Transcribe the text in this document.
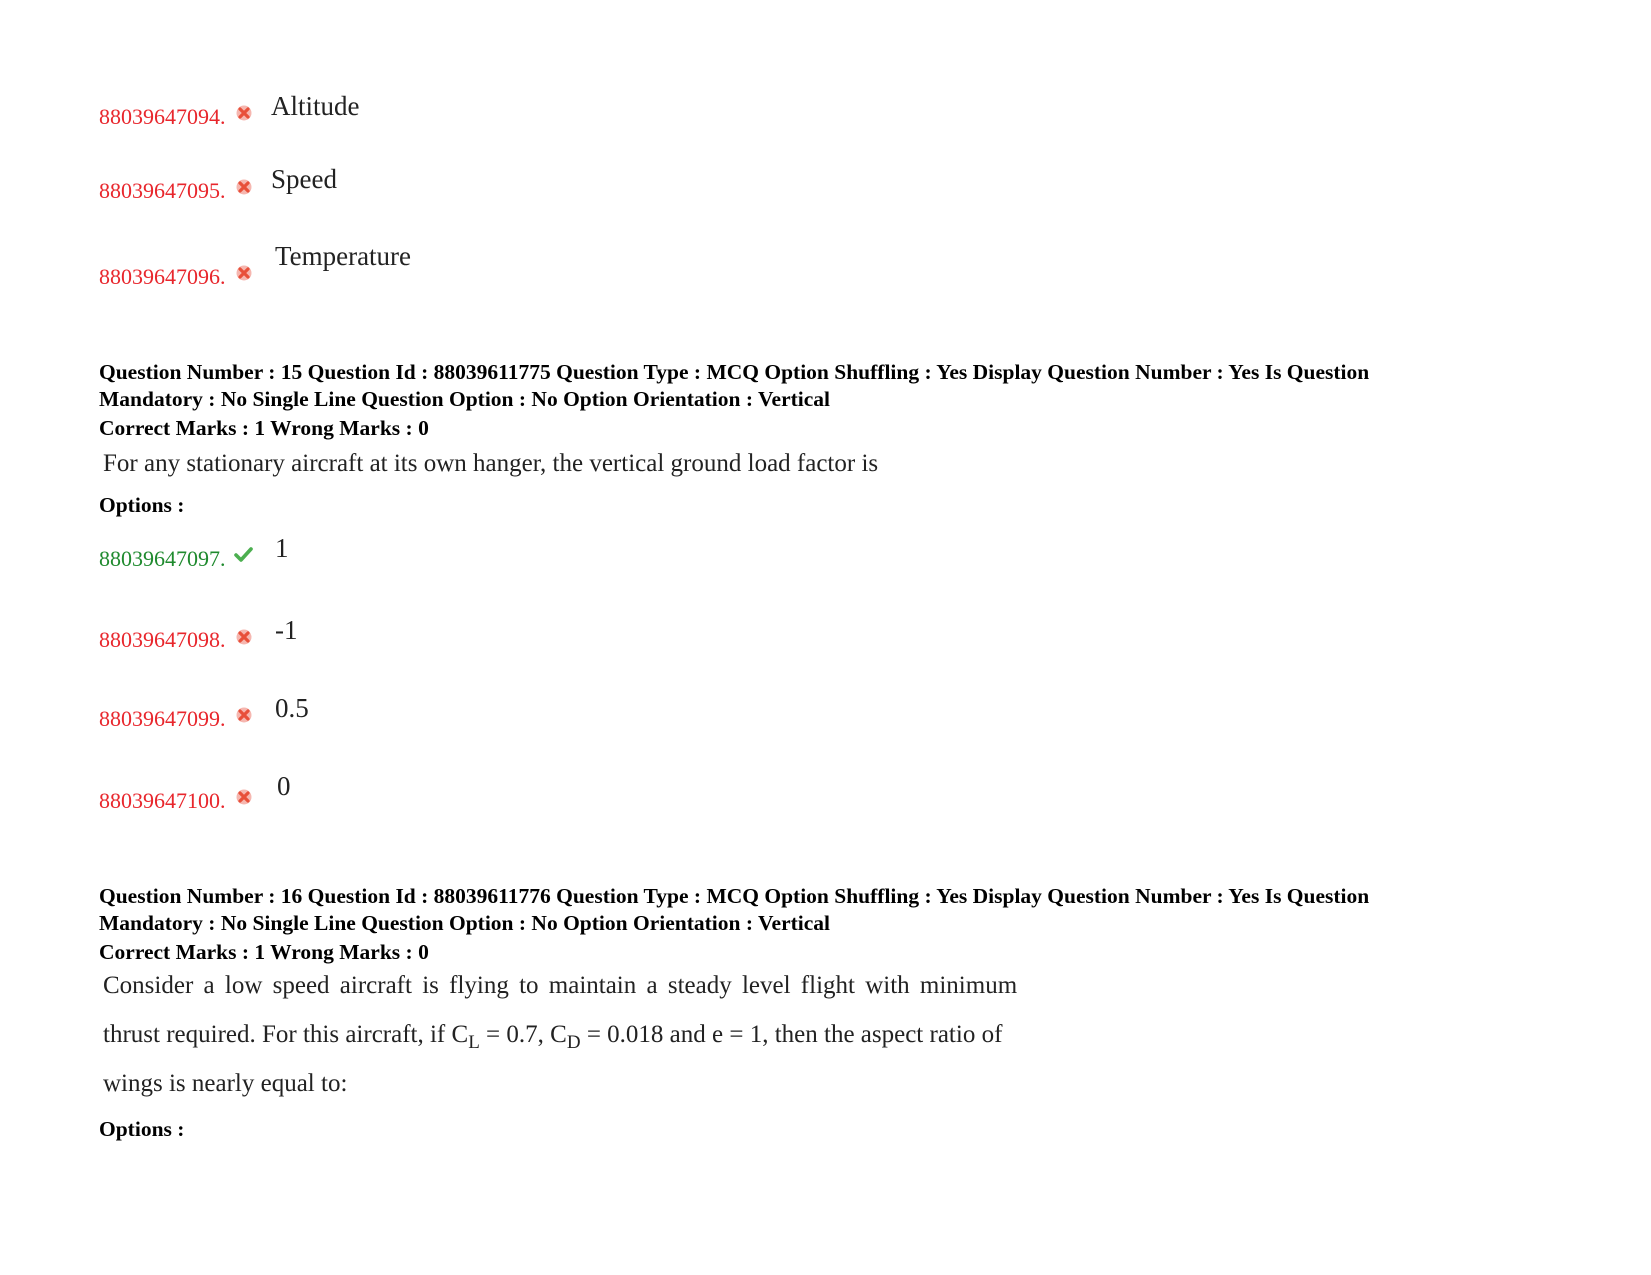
88039647094. Altitude
88039647095. Speed
88039647096.
Temperature
Question Number : 15 Question Id : 88039611775 Question Type : MCQ Option Shuffling : Yes Display Question Number : Yes Is Question
Mandatory : No Single Line Question Option : No Option Orientation : Vertical
Correct Marks : 1 Wrong Marks : 0
For any stationary aircraft at its own hanger, the vertical ground load factor is
Options :
88039647097. 1
88039647098. -1
88039647099. 0.5
88039647100. 0
Question Number : 16 Question Id : 88039611776 Question Type : MCQ Option Shuffling : Yes Display Question Number : Yes Is Question
Mandatory : No Single Line Question Option : No Option Orientation : Vertical
Correct Marks : 1 Wrong Marks : 0
Consider a low speed aircraft is flying to maintain a steady level flight with minimum
thrust required. For this aircraft, if $C_L = 0.7$, $C_D = 0.018$ and e = 1, then the aspect ratio of
wings is nearly equal to:
Options :
